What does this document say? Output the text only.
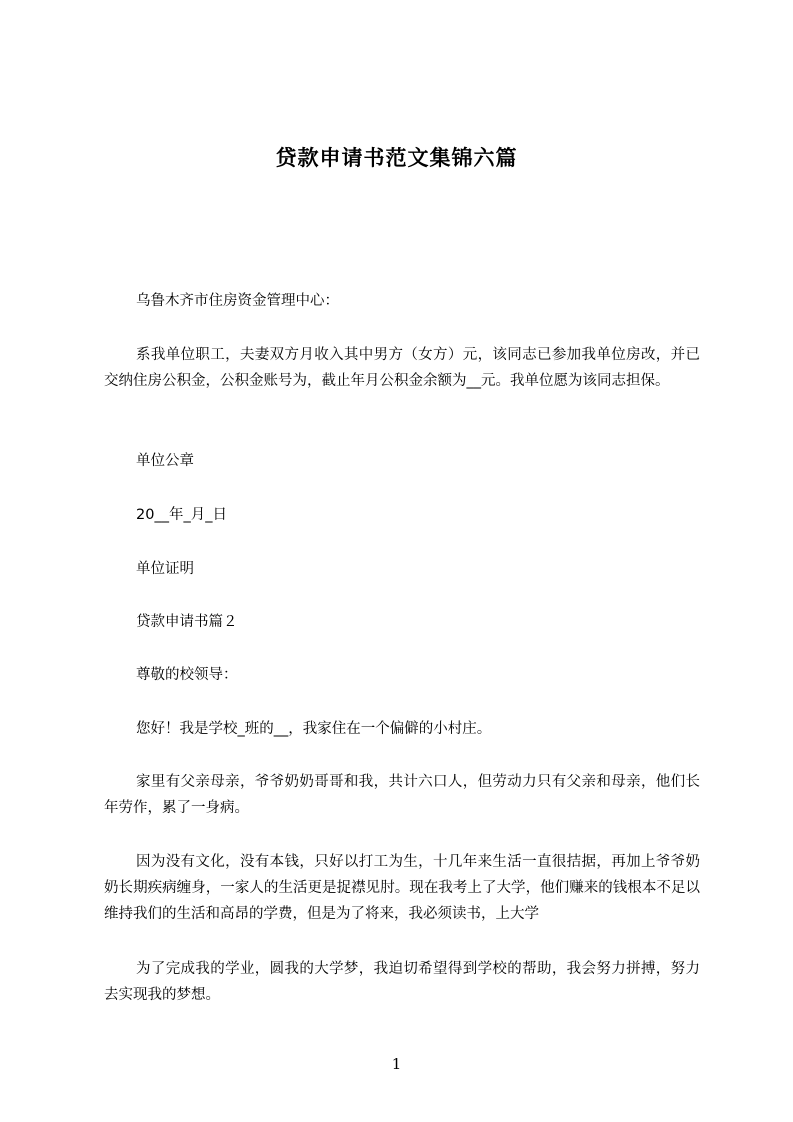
贷款申请书范文集锦六篇
乌鲁木齐市住房资金管理中心：
系我单位职工，夫妻双方月收入其中男方（女方）元，该同志已参加我单位房改，并已交纳住房公积金，公积金账号为，截止年月公积金余额为__元。我单位愿为该同志担保。
单位公章
20__年_月_日
单位证明
贷款申请书篇２
尊敬的校领导：
您好！我是学校_班的__，我家住在一个偏僻的小村庄。
家里有父亲母亲，爷爷奶奶哥哥和我，共计六口人，但劳动力只有父亲和母亲，他们长年劳作，累了一身病。
因为没有文化，没有本钱，只好以打工为生，十几年来生活一直很拮据，再加上爷爷奶奶长期疾病缠身，一家人的生活更是捉襟见肘。现在我考上了大学，他们赚来的钱根本不足以维持我们的生活和高昂的学费，但是为了将来，我必须读书，上大学
为了完成我的学业，圆我的大学梦，我迫切希望得到学校的帮助，我会努力拼搏，努力去实现我的梦想。
1
